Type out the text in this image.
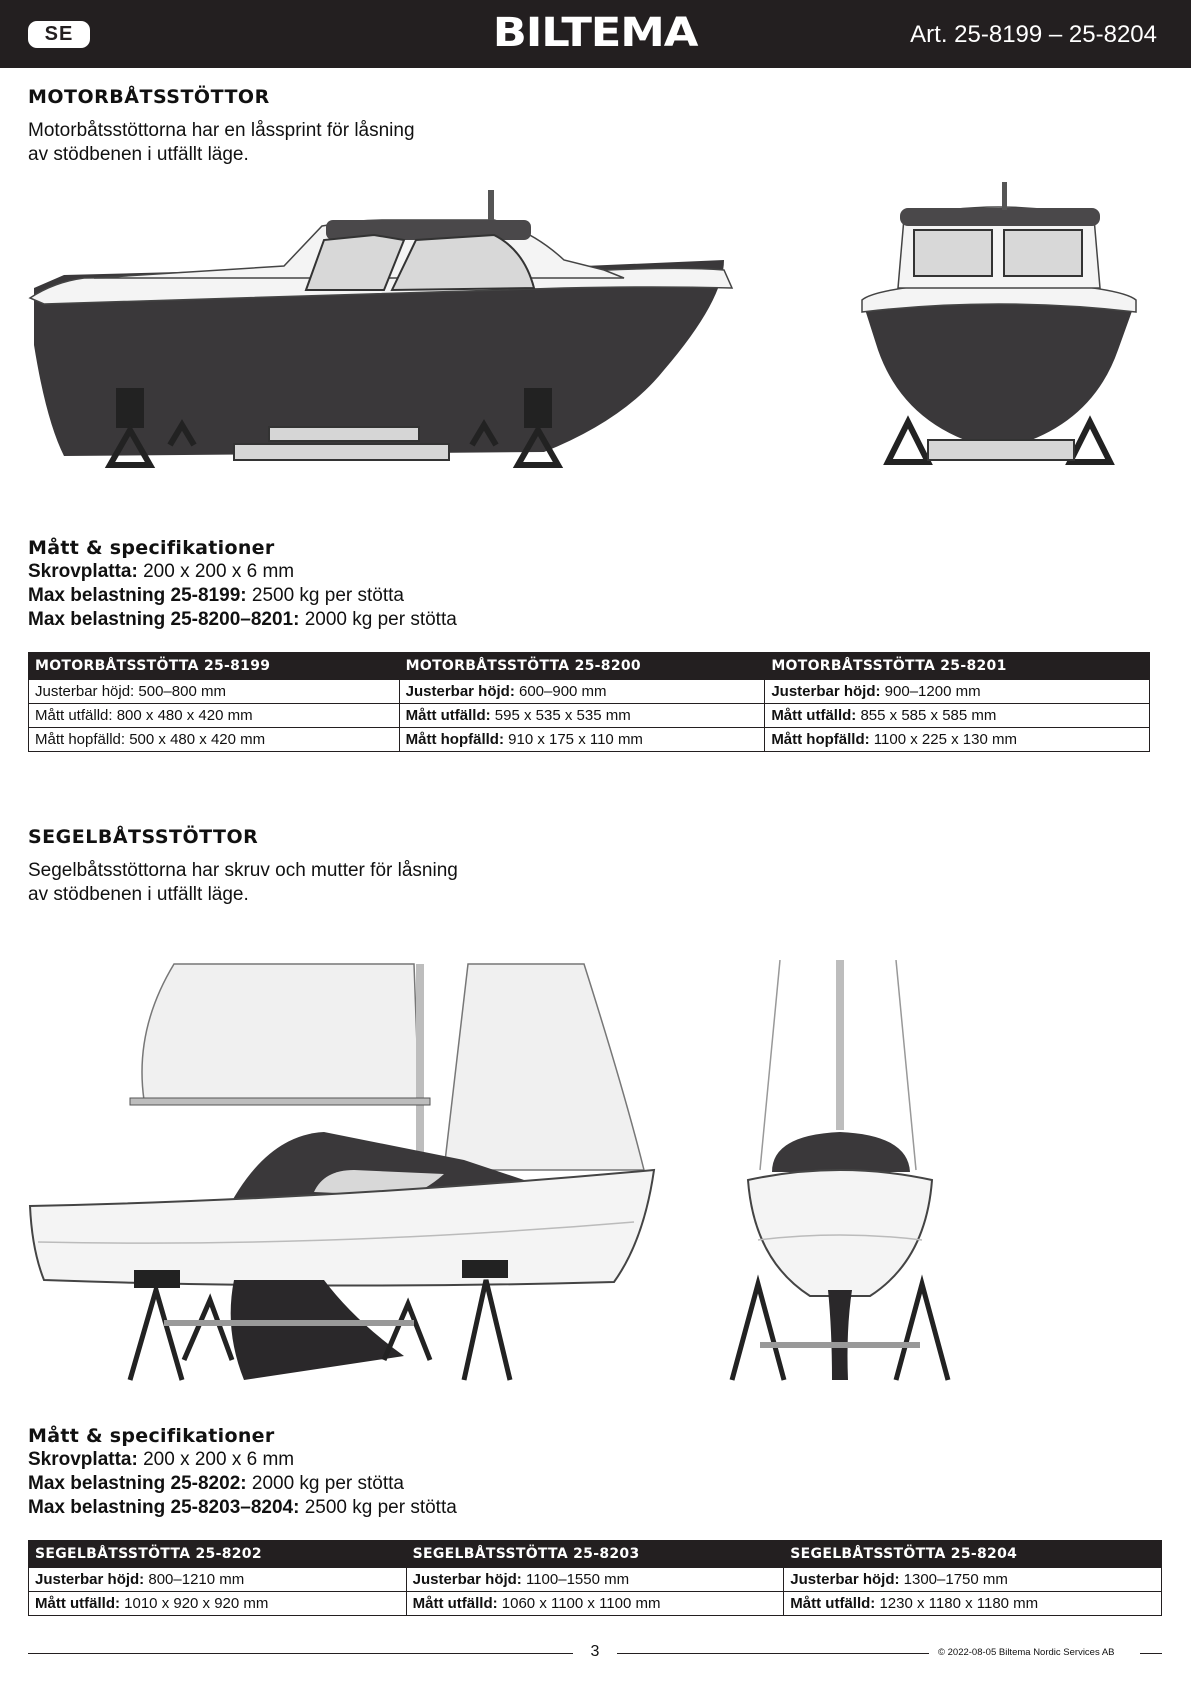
SE	BILTEMA	Art. 25-8199 – 25-8204
MOTORBÅTSSTÖTTOR
Motorbåtsstöttorna har en låssprint för låsning
av stödbenen i utfällt läge.
Mått & specifikationer
Skrovplatta: 200 x 200 x 6 mm
Max belastning 25-8199: 2500 kg per stötta
Max belastning 25-8200–8201: 2000 kg per stötta
MOTORBÅTSSTÖTTA 25-8199	MOTORBÅTSSTÖTTA 25-8200	MOTORBÅTSSTÖTTA 25-8201
Justerbar höjd: 500–800 mm	Justerbar höjd: 600–900 mm	Justerbar höjd: 900–1200 mm
Mått utfälld: 800 x 480 x 420 mm	Mått utfälld: 595 x 535 x 535 mm	Mått utfälld: 855 x 585 x 585 mm
Mått hopfälld: 500 x 480 x 420 mm	Mått hopfälld: 910 x 175 x 110 mm	Mått hopfälld: 1100 x 225 x 130 mm
SEGELBÅTSSTÖTTOR
Segelbåtsstöttorna har skruv och mutter för låsning
av stödbenen i utfällt läge.
Mått & specifikationer
Skrovplatta: 200 x 200 x 6 mm
Max belastning 25-8202: 2000 kg per stötta
Max belastning 25-8203–8204: 2500 kg per stötta
SEGELBÅTSSTÖTTA 25-8202	SEGELBÅTSSTÖTTA 25-8203	SEGELBÅTSSTÖTTA 25-8204
Justerbar höjd: 800–1210 mm	Justerbar höjd: 1100–1550 mm	Justerbar höjd: 1300–1750 mm
Mått utfälld: 1010 x 920 x 920 mm	Mått utfälld: 1060 x 1100 x 1100 mm	Mått utfälld: 1230 x 1180 x 1180 mm
3	© 2022-08-05 Biltema Nordic Services AB
